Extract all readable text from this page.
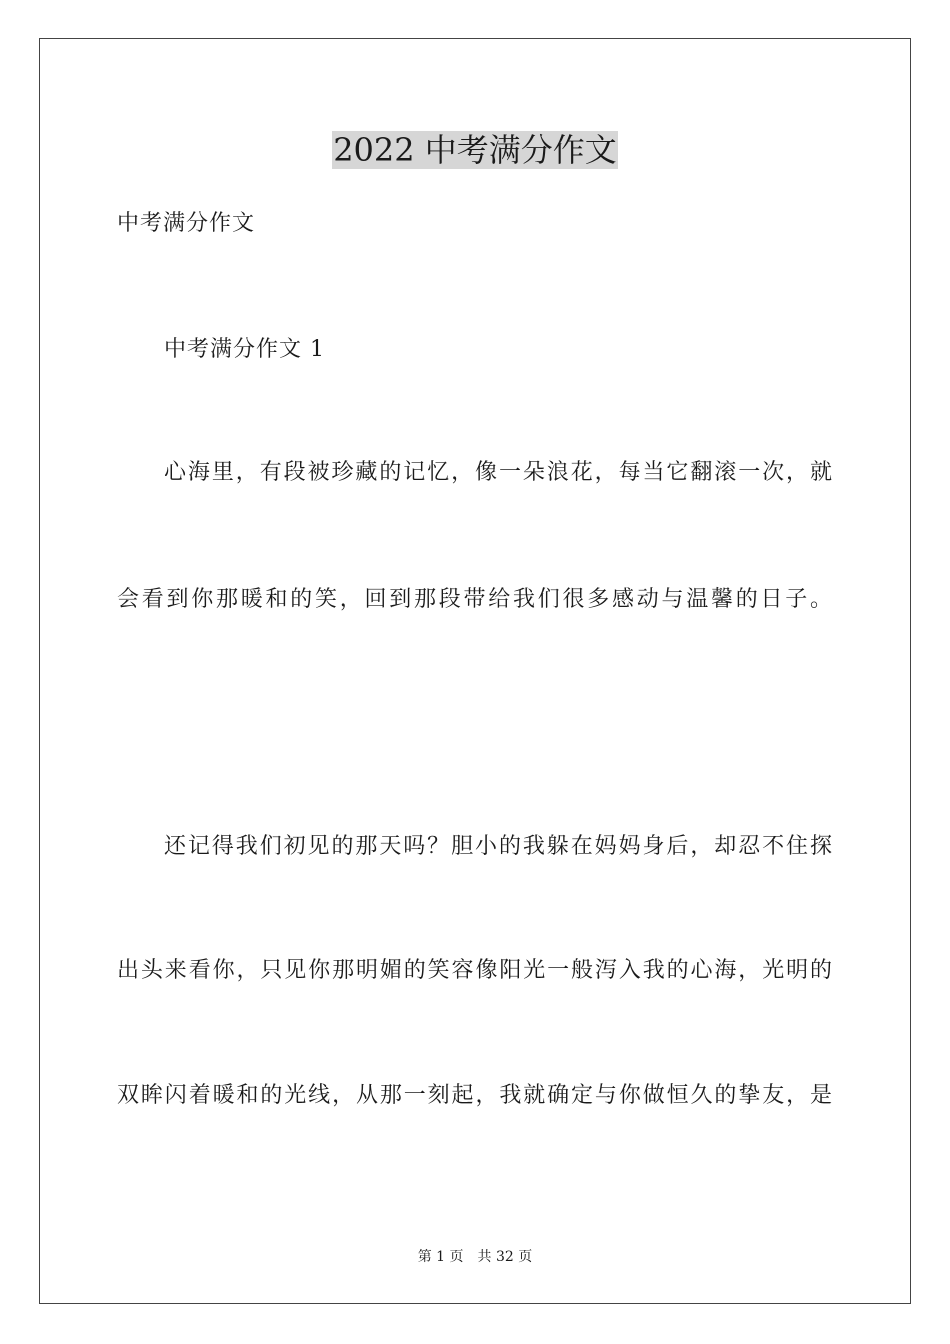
2022 中考满分作文
中考满分作文
中考满分作文 1
心海里，有段被珍藏的记忆，像一朵浪花，每当它翻滚一次，就
会看到你那暖和的笑，回到那段带给我们很多感动与温馨的日子。
还记得我们初见的那天吗？胆小的我躲在妈妈身后，却忍不住探
出头来看你，只见你那明媚的笑容像阳光一般泻入我的心海，光明的
双眸闪着暖和的光线，从那一刻起，我就确定与你做恒久的挚友，是
第 1 页 共 32 页
